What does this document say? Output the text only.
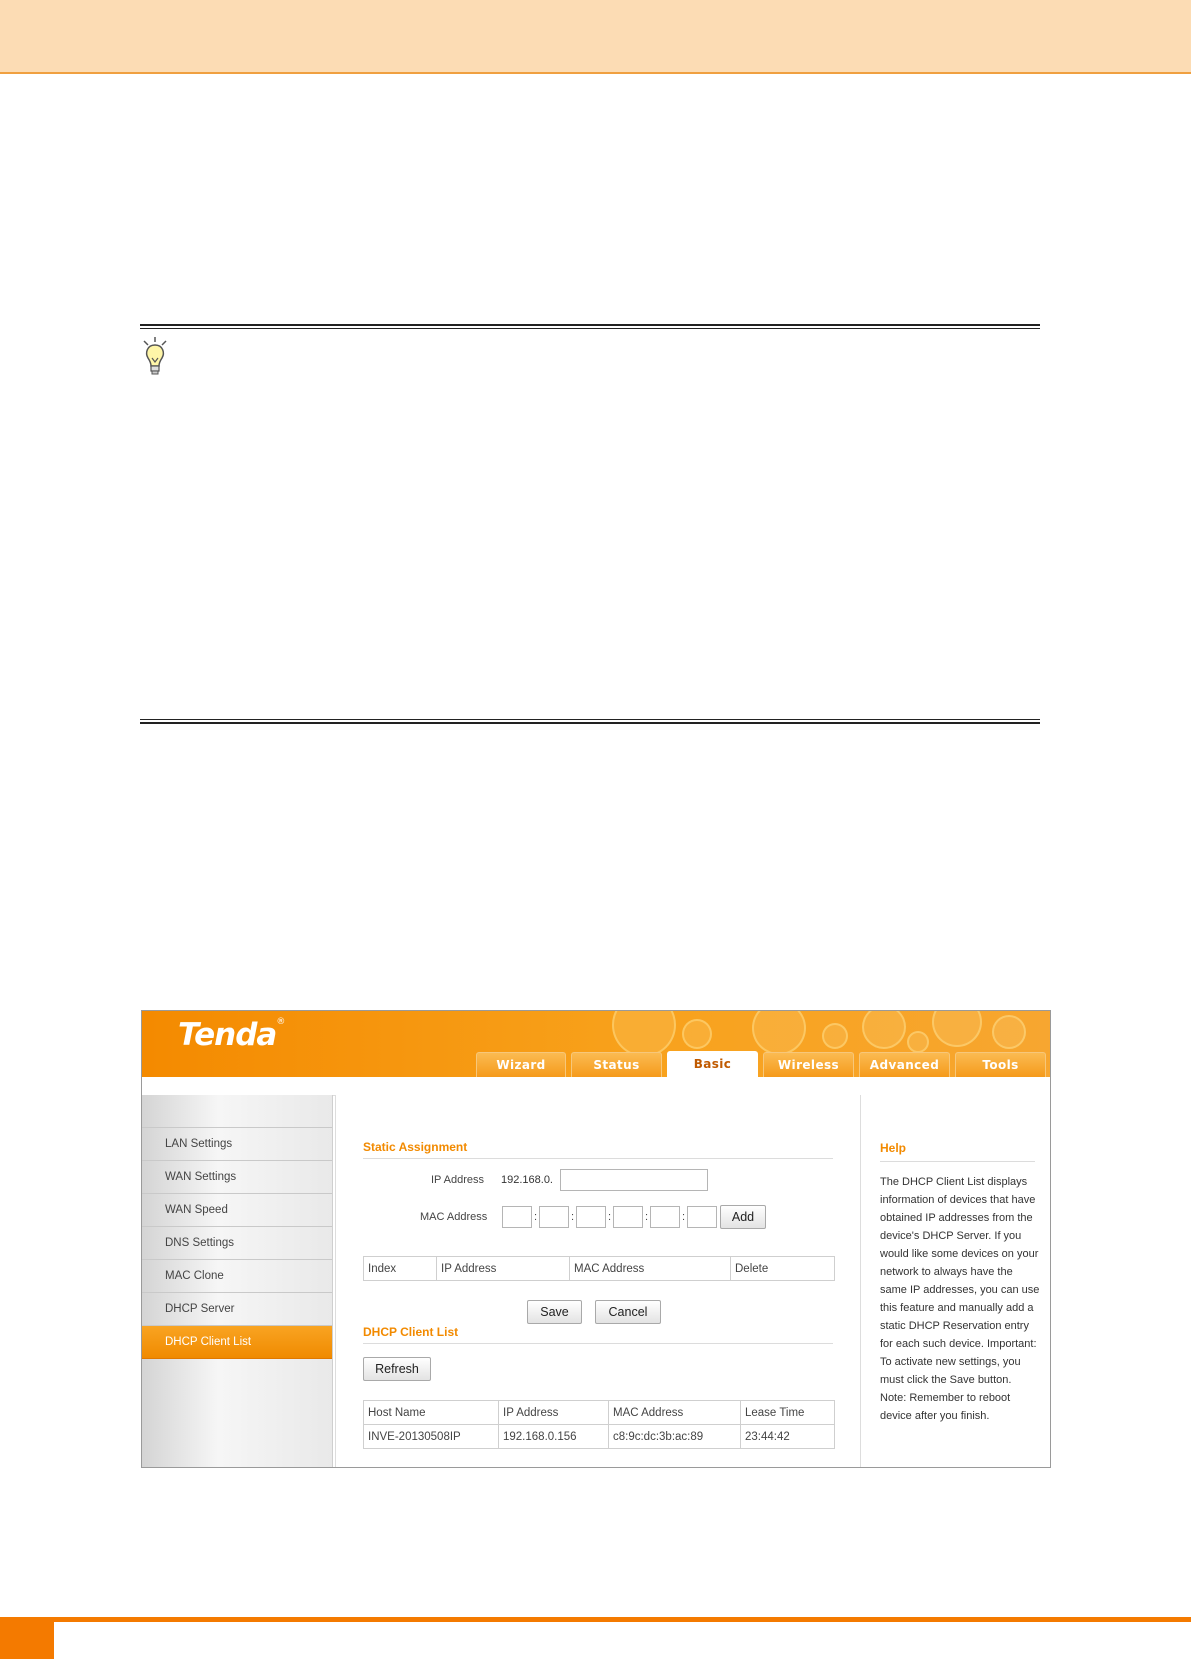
Tenda®
Wizard	Status	Basic	Wireless	Advanced	Tools
LAN Settings
WAN Settings
WAN Speed
DNS Settings
MAC Clone
DHCP Server
DHCP Client List
Static Assignment
IP Address 192.168.0.
MAC Address	:	:	:	:	:	Add
Index	IP Address	MAC Address	Delete
Save	Cancel
DHCP Client List
Refresh
Host Name	IP Address	MAC Address	Lease Time
INVE-20130508IP	192.168.0.156	c8:9c:dc:3b:ac:89	23:44:42
Help
The DHCP Client List displays information of devices that have obtained IP addresses from the device's DHCP Server. If you would like some devices on your network to always have the same IP addresses, you can use this feature and manually add a static DHCP Reservation entry for each such device. Important: To activate new settings, you must click the Save button. Note: Remember to reboot device after you finish.
